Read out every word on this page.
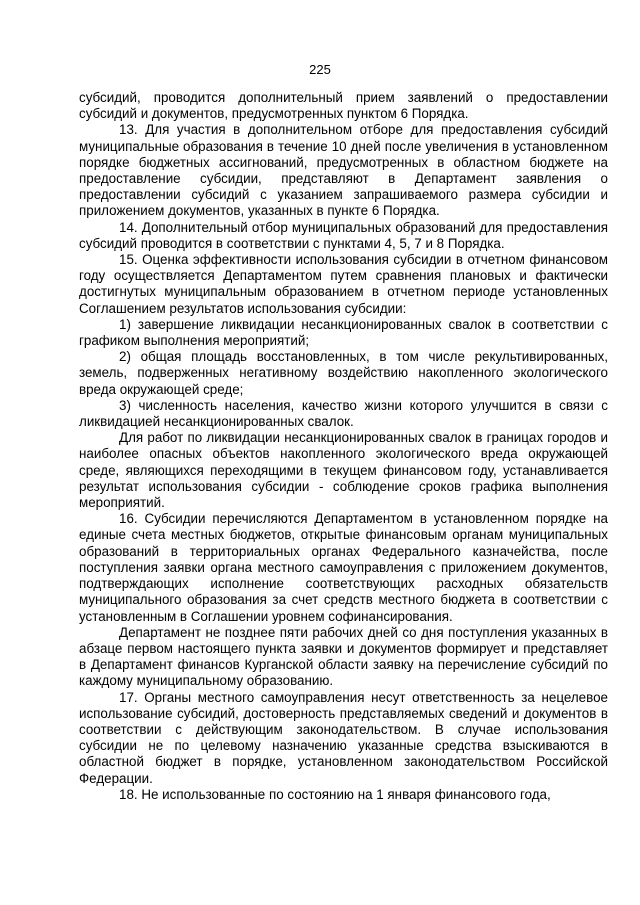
225

субсидий, проводится дополнительный прием заявлений о предоставлении субсидий и документов, предусмотренных пунктом 6 Порядка.

13. Для участия в дополнительном отборе для предоставления субсидий муниципальные образования в течение 10 дней после увеличения в установленном порядке бюджетных ассигнований, предусмотренных в областном бюджете на предоставление субсидии, представляют в Департамент заявления о предоставлении субсидий с указанием запрашиваемого размера субсидии и приложением документов, указанных в пункте 6 Порядка.

14. Дополнительный отбор муниципальных образований для предоставления субсидий проводится в соответствии с пунктами 4, 5, 7 и 8 Порядка.

15. Оценка эффективности использования субсидии в отчетном финансовом году осуществляется Департаментом путем сравнения плановых и фактически достигнутых муниципальным образованием в отчетном периоде установленных Соглашением результатов использования субсидии:

1) завершение ликвидации несанкционированных свалок в соответствии с графиком выполнения мероприятий;

2) общая площадь восстановленных, в том числе рекультивированных, земель, подверженных негативному воздействию накопленного экологического вреда окружающей среде;

3) численность населения, качество жизни которого улучшится в связи с ликвидацией несанкционированных свалок.

Для работ по ликвидации несанкционированных свалок в границах городов и наиболее опасных объектов накопленного экологического вреда окружающей среде, являющихся переходящими в текущем финансовом году, устанавливается результат использования субсидии - соблюдение сроков графика выполнения мероприятий.

16. Субсидии перечисляются Департаментом в установленном порядке на единые счета местных бюджетов, открытые финансовым органам муниципальных образований в территориальных органах Федерального казначейства, после поступления заявки органа местного самоуправления с приложением документов, подтверждающих исполнение соответствующих расходных обязательств муниципального образования за счет средств местного бюджета в соответствии с установленным в Соглашении уровнем софинансирования.

Департамент не позднее пяти рабочих дней со дня поступления указанных в абзаце первом настоящего пункта заявки и документов формирует и представляет в Департамент финансов Курганской области заявку на перечисление субсидий по каждому муниципальному образованию.

17. Органы местного самоуправления несут ответственность за нецелевое использование субсидий, достоверность представляемых сведений и документов в соответствии с действующим законодательством. В случае использования субсидии не по целевому назначению указанные средства взыскиваются в областной бюджет в порядке, установленном законодательством Российской Федерации.

18. Не использованные по состоянию на 1 января финансового года,
